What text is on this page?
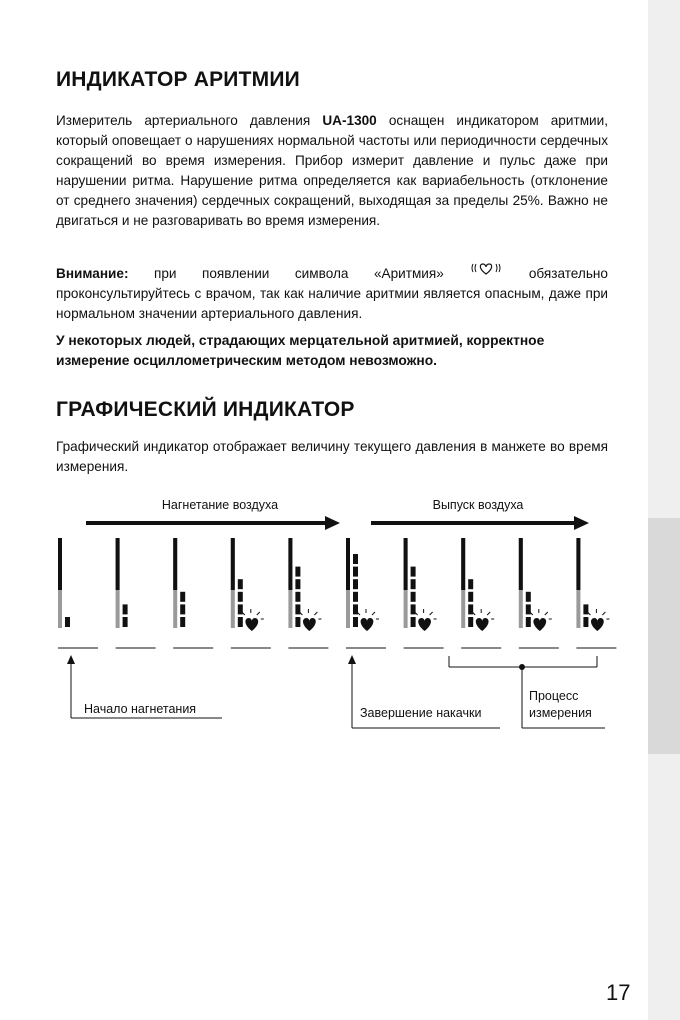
ИНДИКАТОР АРИТМИИ

Измеритель артериального давления UA-1300 оснащен индикатором аритмии, который оповещает о нарушениях нормальной частоты или периодичности сердечных сокращений во время измерения. Прибор измерит давление и пульс даже при нарушении ритма. Нарушение ритма определяется как вариабельность (отклонение от среднего значения) сердечных сокращений, выходящая за пределы 25%. Важно не двигаться и не разговаривать во время измерения.

Внимание: при появлении символа «Аритмия»	обязательно проконсультируйтесь с врачом, так как наличие аритмии является опасным, даже при нормальном значении артериального давления.

У некоторых людей, страдающих мерцательной аритмией, корректное измерение осциллометрическим методом невозможно.

ГРАФИЧЕСКИЙ ИНДИКАТОР

Графический индикатор отображает величину текущего давления в манжете во время измерения.

Нагнетание воздуха	Выпуск воздуха
Начало нагнетания	Завершение накачки
Процесс
измерения
17
